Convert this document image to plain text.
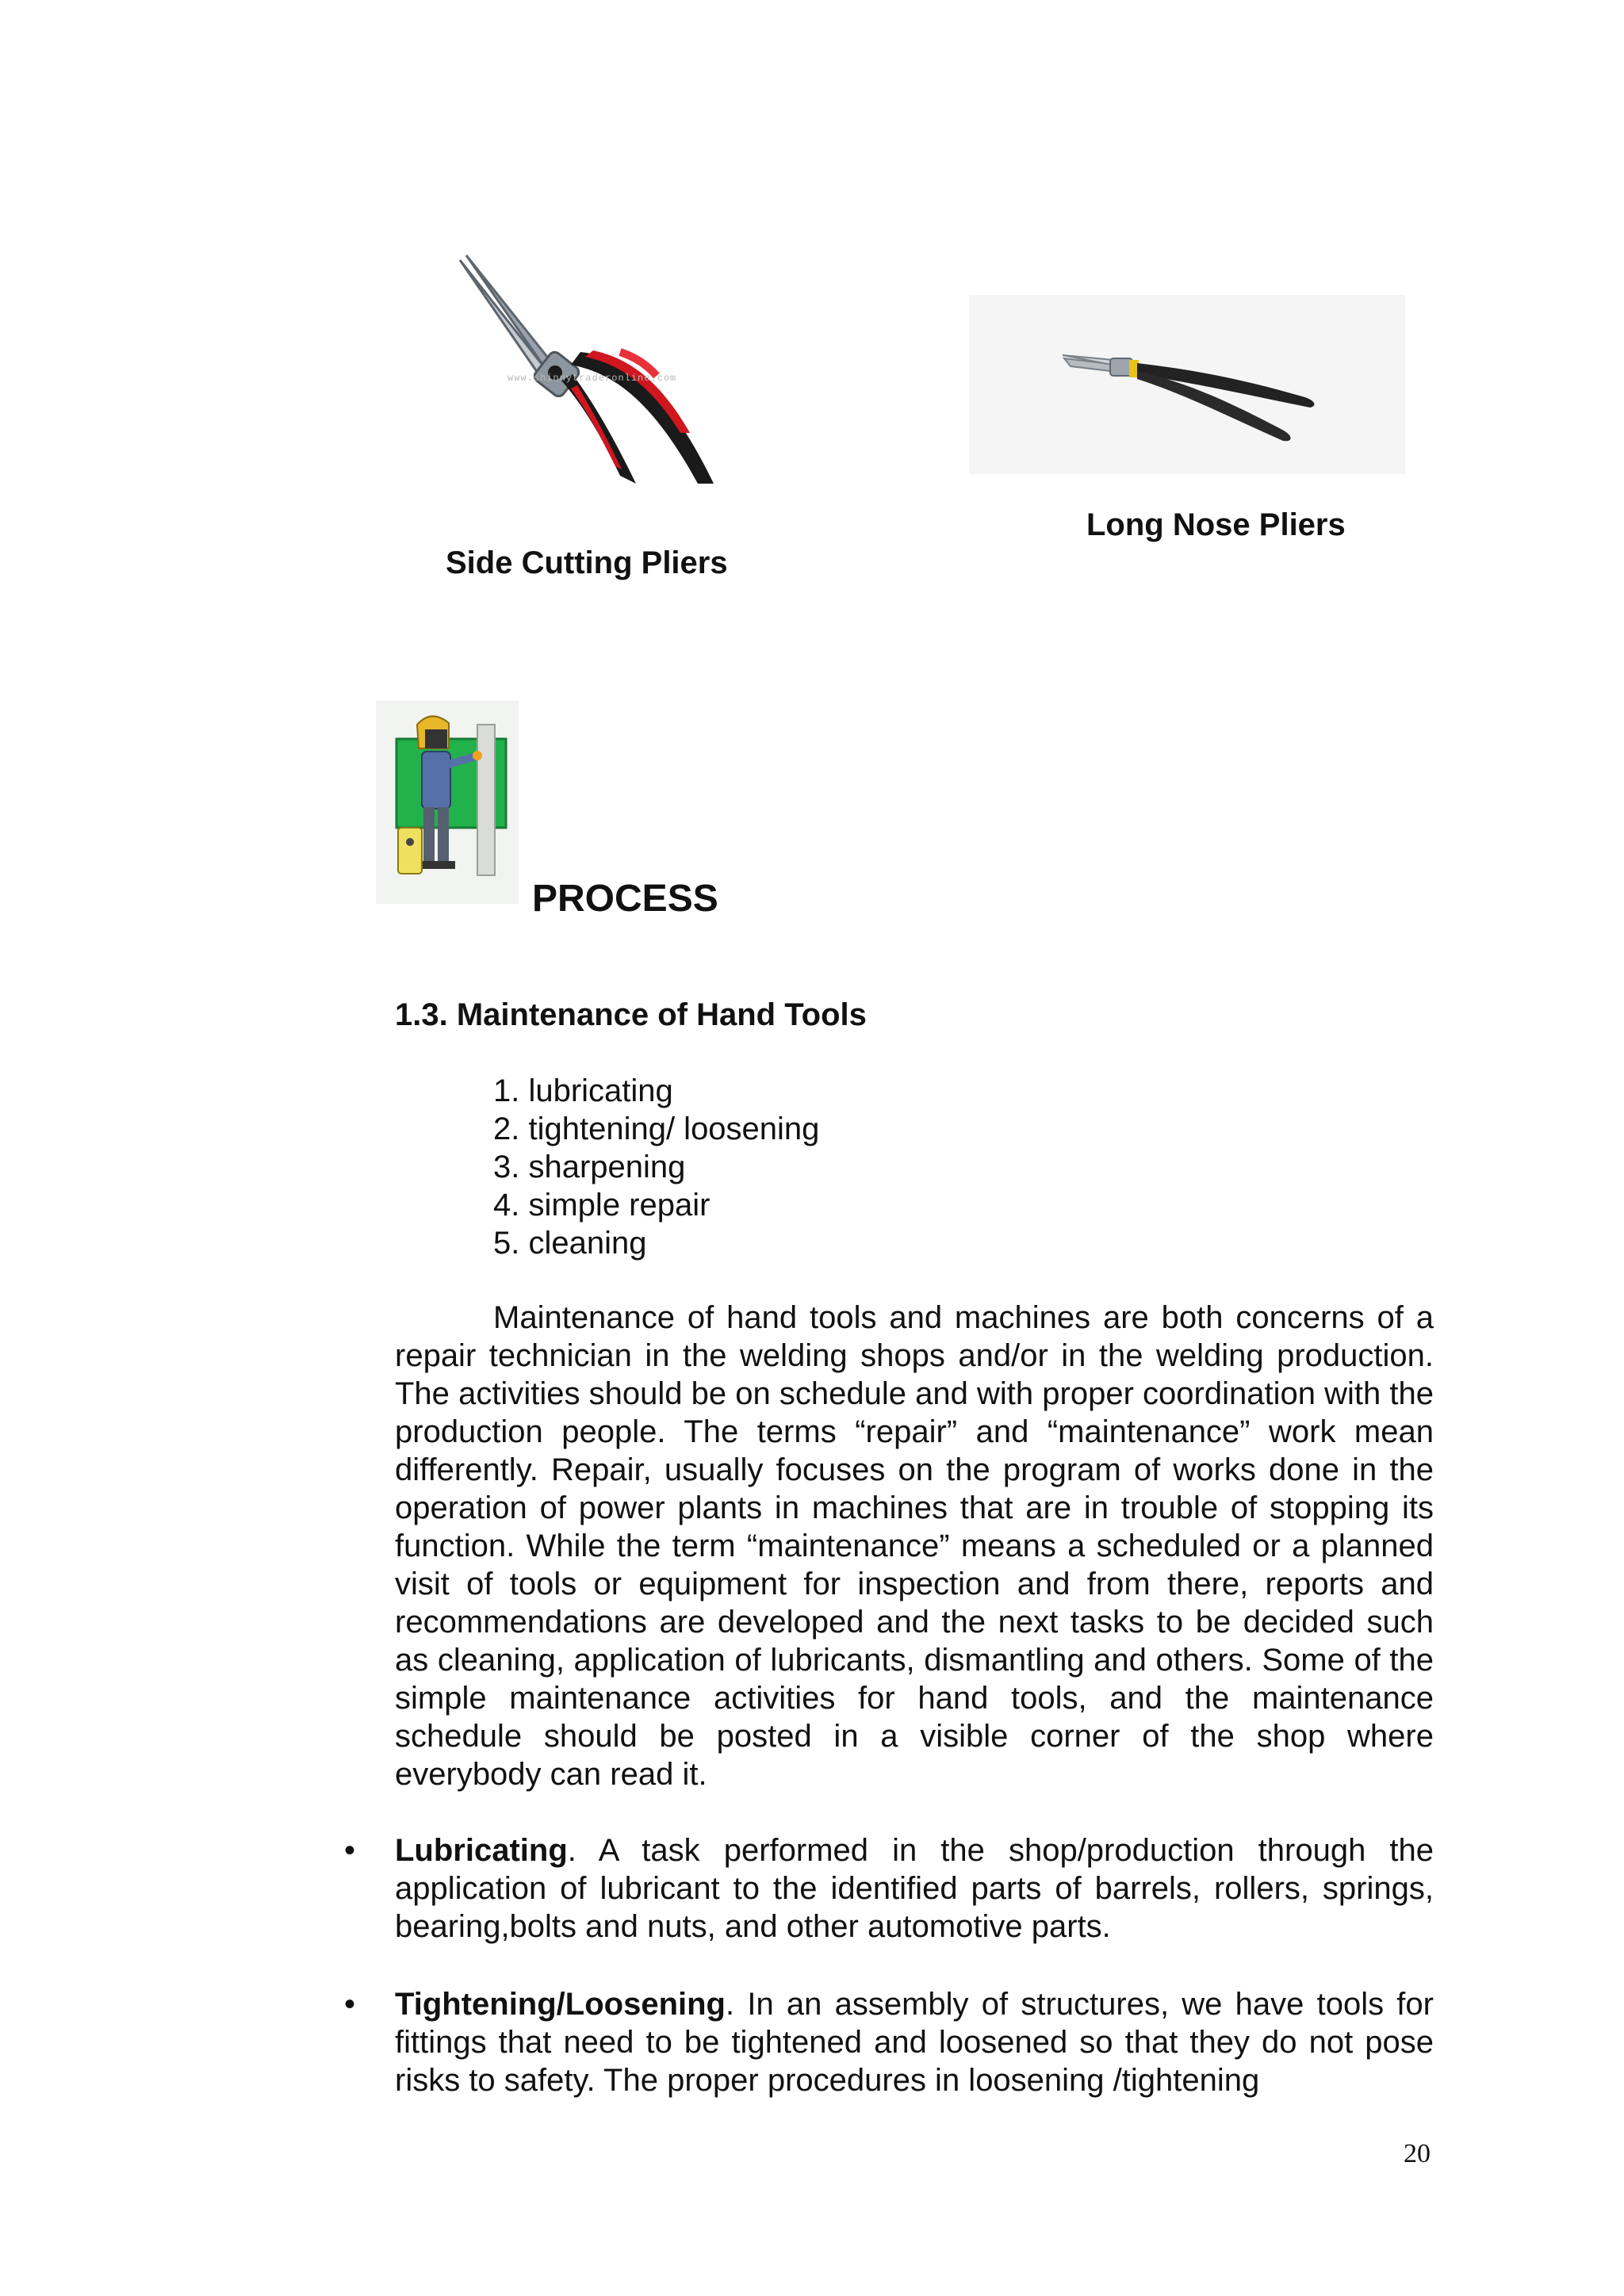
www.shinnytraderonline.com
Side Cutting Pliers
Long Nose Pliers
PROCESS
1.3. Maintenance of Hand Tools
1. lubricating
2. tightening/ loosening
3. sharpening
4. simple repair
5. cleaning

Maintenance of hand tools and machines are both concerns of a repair technician in the welding shops and/or in the welding production. The activities should be on schedule and with proper coordination with the production people. The terms “repair” and “maintenance” work mean differently. Repair, usually focuses on the program of works done in the operation of power plants in machines that are in trouble of stopping its function. While the term “maintenance” means a scheduled or a planned visit of tools or equipment for inspection and from there, reports and recommendations are developed and the next tasks to be decided such as cleaning, application of lubricants, dismantling and others. Some of the simple maintenance activities for hand tools, and the maintenance schedule should be posted in a visible corner of the shop where everybody can read it.

• Lubricating. A task performed in the shop/production through the application of lubricant to the identified parts of barrels, rollers, springs, bearing,bolts and nuts, and other automotive parts.

• Tightening/Loosening. In an assembly of structures, we have tools for fittings that need to be tightened and loosened so that they do not pose risks to safety. The proper procedures in loosening /tightening

20
